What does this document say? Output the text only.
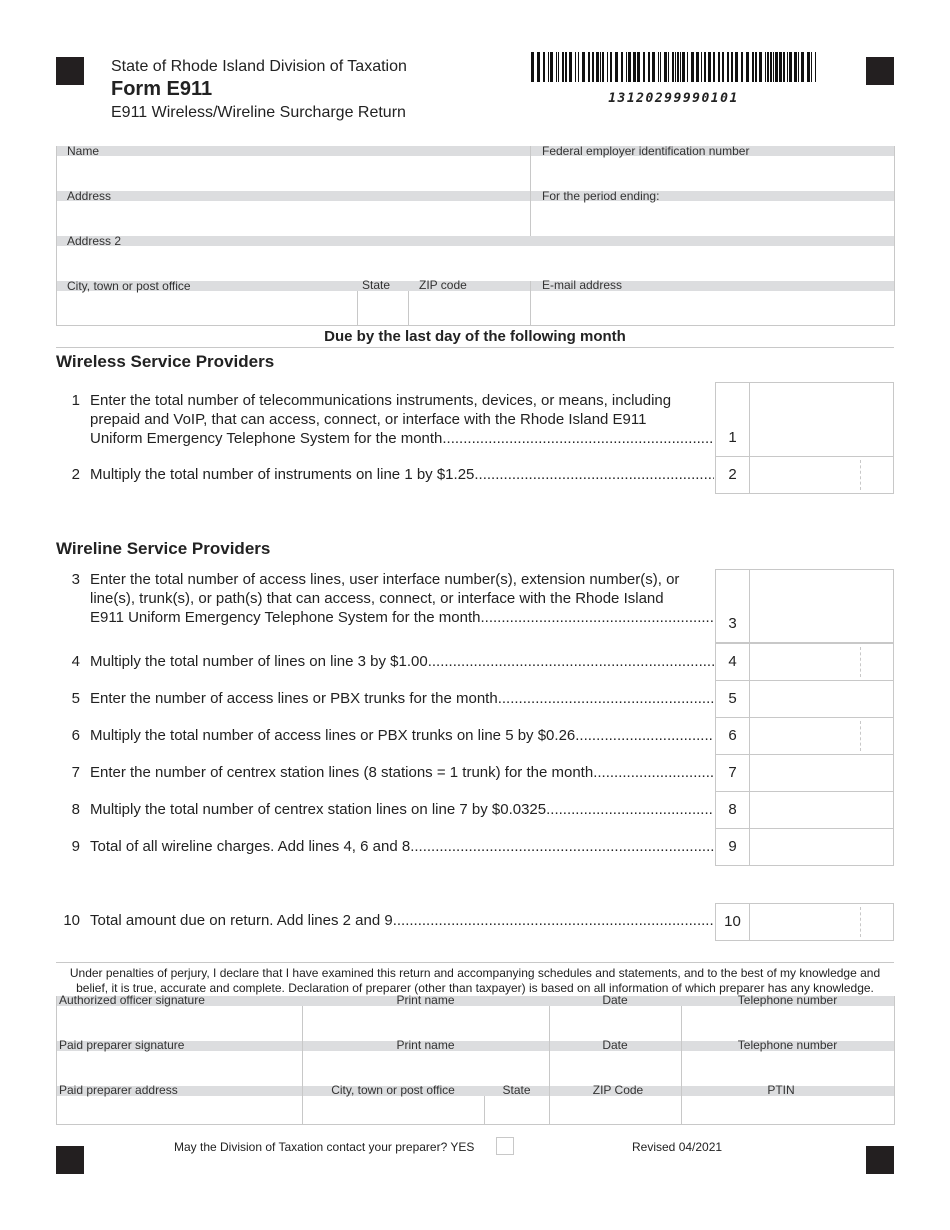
State of Rhode Island Division of Taxation
Form E911
E911 Wireless/Wireline Surcharge Return
13120299990101
Name	Federal employer identification number
Address	For the period ending:
Address 2
City, town or post office	State ZIP code	E-mail address
Due by the last day of the following month
Wireless Service Providers
1 Enter the total number of telecommunications instruments, devices, or means, including
prepaid and VoIP, that can access, connect, or interface with the Rhode Island E911
Uniform Emergency Telephone System for the month .....	1
2 Multiply the total number of instruments on line 1 by $1.25 .....	2
Wireline Service Providers
3 Enter the total number of access lines, user interface number(s), extension number(s), or
line(s), trunk(s), or path(s) that can access, connect, or interface with the Rhode Island
E911 Uniform Emergency Telephone System for the month .....	3
4 Multiply the total number of lines on line 3 by $1.00 .....	4
5 Enter the number of access lines or PBX trunks for the month .....	5
6 Multiply the total number of access lines or PBX trunks on line 5 by $0.26 .....	6
7 Enter the number of centrex station lines (8 stations = 1 trunk) for the month .....	7
8 Multiply the total number of centrex station lines on line 7 by $0.0325 .....	8
9 Total of all wireline charges. Add lines 4, 6 and 8 .....	9
10 Total amount due on return. Add lines 2 and 9 .....	10
Under penalties of perjury, I declare that I have examined this return and accompanying schedules and statements, and to the best of my knowledge and
belief, it is true, accurate and complete. Declaration of preparer (other than taxpayer) is based on all information of which preparer has any knowledge.
Authorized officer signature	Print name	Date	Telephone number
Paid preparer signature	Print name	Date	Telephone number
Paid preparer address	City, town or post office	State	ZIP Code	PTIN
May the Division of Taxation contact your preparer? YES	Revised 04/2021
